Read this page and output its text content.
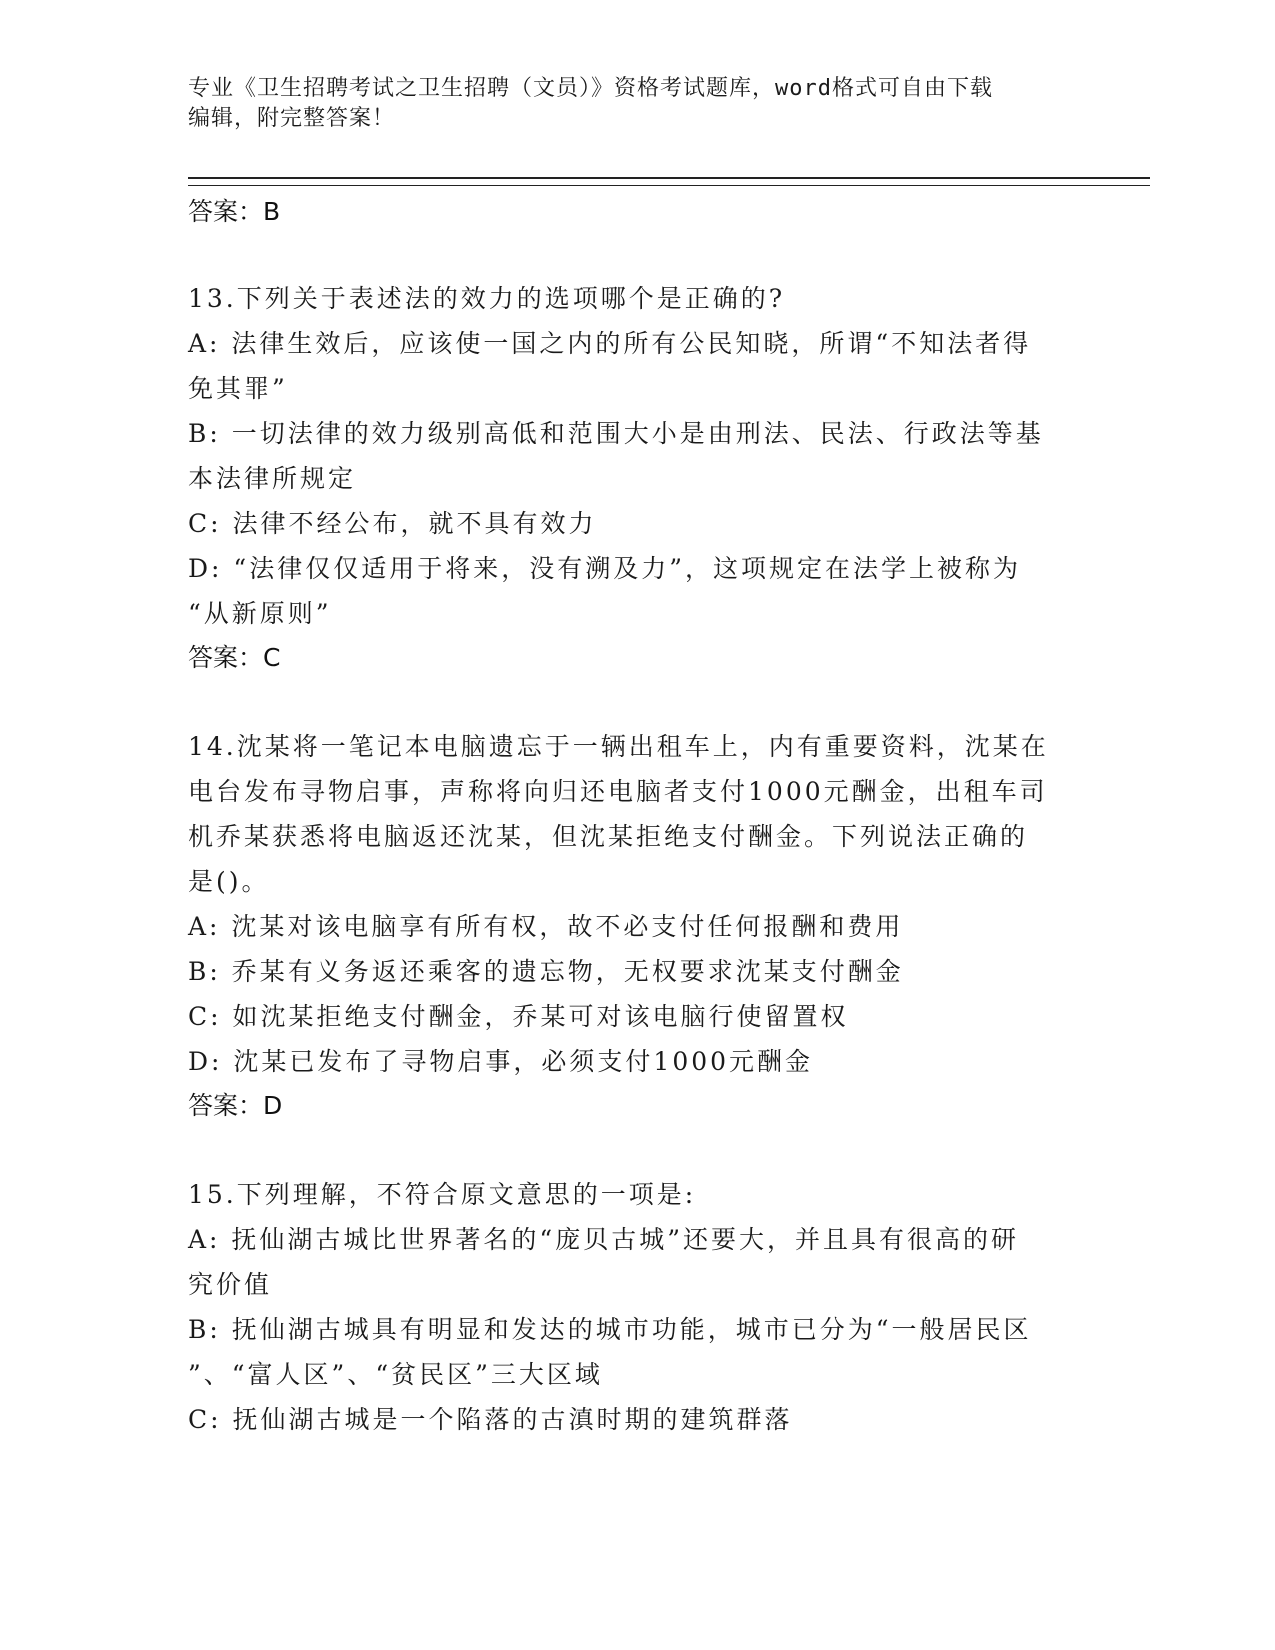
专业《卫生招聘考试之卫生招聘（文员）》资格考试题库，word格式可自由下载
编辑，附完整答案！

答案：B

13.下列关于表述法的效力的选项哪个是正确的?

A: 法律生效后，应该使一国之内的所有公民知晓，所谓“不知法者得

免其罪”

B: 一切法律的效力级别高低和范围大小是由刑法、民法、行政法等基

本法律所规定

C: 法律不经公布，就不具有效力

D: “法律仅仅适用于将来，没有溯及力”，这项规定在法学上被称为

“从新原则”

答案：C

14.沈某将一笔记本电脑遗忘于一辆出租车上，内有重要资料，沈某在

电台发布寻物启事，声称将向归还电脑者支付1000元酬金，出租车司

机乔某获悉将电脑返还沈某，但沈某拒绝支付酬金。下列说法正确的

是()。

A: 沈某对该电脑享有所有权，故不必支付任何报酬和费用

B: 乔某有义务返还乘客的遗忘物，无权要求沈某支付酬金

C: 如沈某拒绝支付酬金，乔某可对该电脑行使留置权

D: 沈某已发布了寻物启事，必须支付1000元酬金

答案：D

15.下列理解，不符合原文意思的一项是:

A: 抚仙湖古城比世界著名的“庞贝古城”还要大，并且具有很高的研

究价值

B: 抚仙湖古城具有明显和发达的城市功能，城市已分为“一般居民区

”、“富人区”、“贫民区”三大区域

C: 抚仙湖古城是一个陷落的古滇时期的建筑群落
